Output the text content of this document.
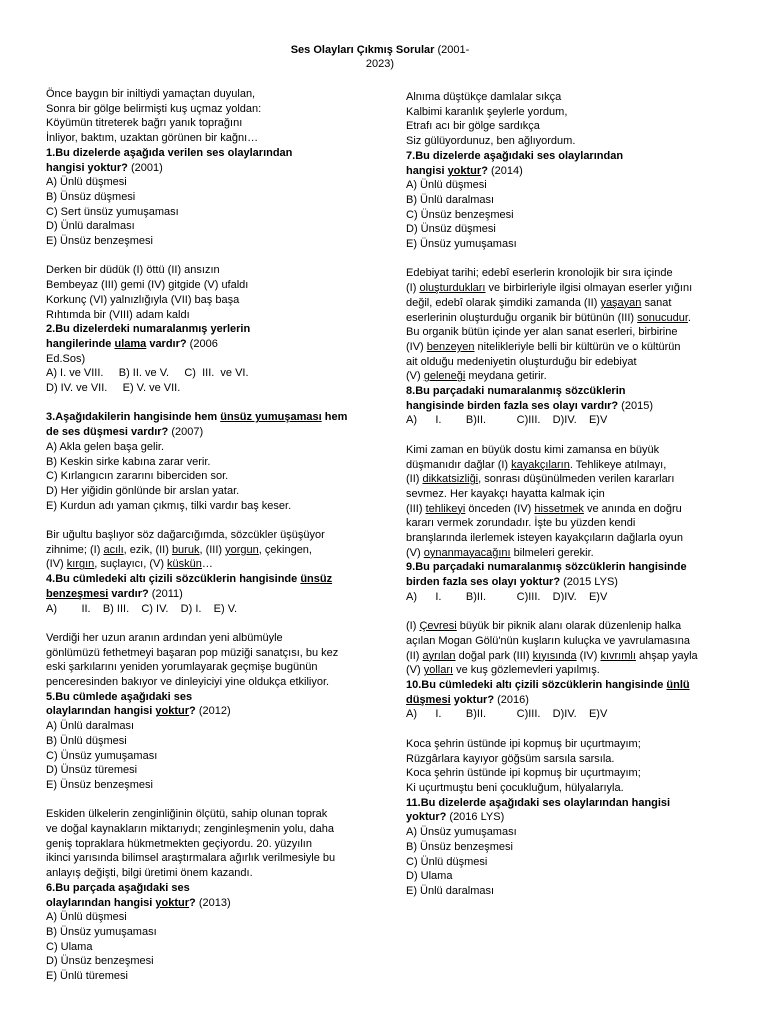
Ses Olayları Çıkmış Sorular (2001-
2023)
Önce baygın bir iniltiydi yamaçtan duyulan,
Sonra bir gölge belirmişti kuş uçmaz yoldan:
Köyümün titreterek bağrı yanık toprağını
İnliyor, baktım, uzaktan görünen bir kağnı…
1.Bu dizelerde aşağıda verilen ses olaylarından
hangisi yoktur? (2001)
A) Ünlü düşmesi
B) Ünsüz düşmesi
C) Sert ünsüz yumuşaması
D) Ünlü daralması
E) Ünsüz benzeşmesi
Derken bir düdük (I) öttü (II) ansızın
Bembeyaz (III) gemi (IV) gitgide (V) ufaldı
Korkunç (VI) yalnızlığıyla (VII) baş başa
Rıhtımda bir (VIII) adam kaldı
2.Bu dizelerdeki numaralanmış yerlerin
hangilerinde ulama vardır? (2006
Ed.Sos)
A) I. ve VIII.     B) II. ve V.     C)  III.  ve VI.
D) IV. ve VII.     E) V. ve VII.
3.Aşağıdakilerin hangisinde hem ünsüz yumuşaması hem
de ses düşmesi vardır? (2007)
A) Akla gelen başa gelir.
B) Keskin sirke kabına zarar verir.
C) Kırlangıcın zararını biberciden sor.
D) Her yiğidin gönlünde bir arslan yatar.
E) Kurdun adı yaman çıkmış, tilki vardır baş keser.
Bir uğultu başlıyor söz dağarcığımda, sözcükler üşüşüyor
zihnime; (I) acılı, ezik, (II) buruk, (III) yorgun, çekingen,
(IV) kırgın, suçlayıcı, (V) küskün…
4.Bu cümledeki altı çizili sözcüklerin hangisinde ünsüz
benzeşmesi vardır? (2011)
A)        II.    B) III.    C) IV.    D) I.    E) V.
Verdiği her uzun aranın ardından yeni albümüyle
gönlümüzü fethetmeyi başaran pop müziği sanatçısı, bu kez
eski şarkılarını yeniden yorumlayarak geçmişe bugünün
penceresinden bakıyor ve dinleyiciyi yine oldukça etkiliyor.
5.Bu cümlede aşağıdaki ses
olaylarından hangisi yoktur? (2012)
A) Ünlü daralması
B) Ünlü düşmesi
C) Ünsüz yumuşaması
D) Ünsüz türemesi
E) Ünsüz benzeşmesi
Eskiden ülkelerin zenginliğinin ölçütü, sahip olunan toprak
ve doğal kaynakların miktarıydı; zenginleşmenin yolu, daha
geniş topraklara hükmetmekten geçiyordu. 20. yüzyılın
ikinci yarısında bilimsel araştırmalara ağırlık verilmesiyle bu
anlayış değişti, bilgi üretimi önem kazandı.
6.Bu parçada aşağıdaki ses
olaylarından hangisi yoktur? (2013)
A) Ünlü düşmesi
B) Ünsüz yumuşaması
C) Ulama
D) Ünsüz benzeşmesi
E) Ünlü türemesi
Alnıma düştükçe damlalar sıkça
Kalbimi karanlık şeylerle yordum,
Etrafı acı bir gölge sardıkça
Siz gülüyordunuz, ben ağlıyordum.
7.Bu dizelerde aşağıdaki ses olaylarından
hangisi yoktur? (2014)
A) Ünlü düşmesi
B) Ünlü daralması
C) Ünsüz benzeşmesi
D) Ünsüz düşmesi
E) Ünsüz yumuşaması
Edebiyat tarihi; edebî eserlerin kronolojik bir sıra içinde
(I) oluşturdukları ve birbirleriyle ilgisi olmayan eserler yığını
değil, edebî olarak şimdiki zamanda (II) yaşayan sanat
eserlerinin oluşturduğu organik bir bütünün (III) sonucudur.
Bu organik bütün içinde yer alan sanat eserleri, birbirine
(IV) benzeyen nitelikleriyle belli bir kültürün ve o kültürün
ait olduğu medeniyetin oluşturduğu bir edebiyat
(V) geleneği meydana getirir.
8.Bu parçadaki numaralanmış sözcüklerin
hangisinde birden fazla ses olayı vardır? (2015)
A)      I.        B)II.          C)III.    D)IV.    E)V
Kimi zaman en büyük dostu kimi zamansa en büyük
düşmanıdır dağlar (I) kayakçıların. Tehlikeye atılmayı,
(II) dikkatsizliği, sonrası düşünülmeden verilen kararları
sevmez. Her kayakçı hayatta kalmak için
(III) tehlikeyi önceden (IV) hissetmek ve anında en doğru
kararı vermek zorundadır. İşte bu yüzden kendi
branşlarında ilerlemek isteyen kayakçıların dağlarla oyun
(V) oynanmayacağını bilmeleri gerekir.
9.Bu parçadaki numaralanmış sözcüklerin hangisinde
birden fazla ses olayı yoktur? (2015 LYS)
A)      I.        B)II.          C)III.    D)IV.    E)V
(I) Çevresi büyük bir piknik alanı olarak düzenlenip halka
açılan Mogan Gölü'nün kuşların kuluçka ve yavrulamasına
(II) ayrılan doğal park (III) kıyısında (IV) kıvrımlı ahşap yayla
(V) yolları ve kuş gözlemevleri yapılmış.
10.Bu cümledeki altı çizili sözcüklerin hangisinde ünlü
düşmesi yoktur? (2016)
A)      I.        B)II.          C)III.    D)IV.    E)V
Koca şehrin üstünde ipi kopmuş bir uçurtmayım;
Rüzgârlara kayıyor göğsüm sarsıla sarsıla.
Koca şehrin üstünde ipi kopmuş bir uçurtmayım;
Ki uçurtmuştu beni çocukluğum, hülyalarıyla.
11.Bu dizelerde aşağıdaki ses olaylarından hangisi
yoktur? (2016 LYS)
A) Ünsüz yumuşaması
B) Ünsüz benzeşmesi
C) Ünlü düşmesi
D) Ulama
E) Ünlü daralması
